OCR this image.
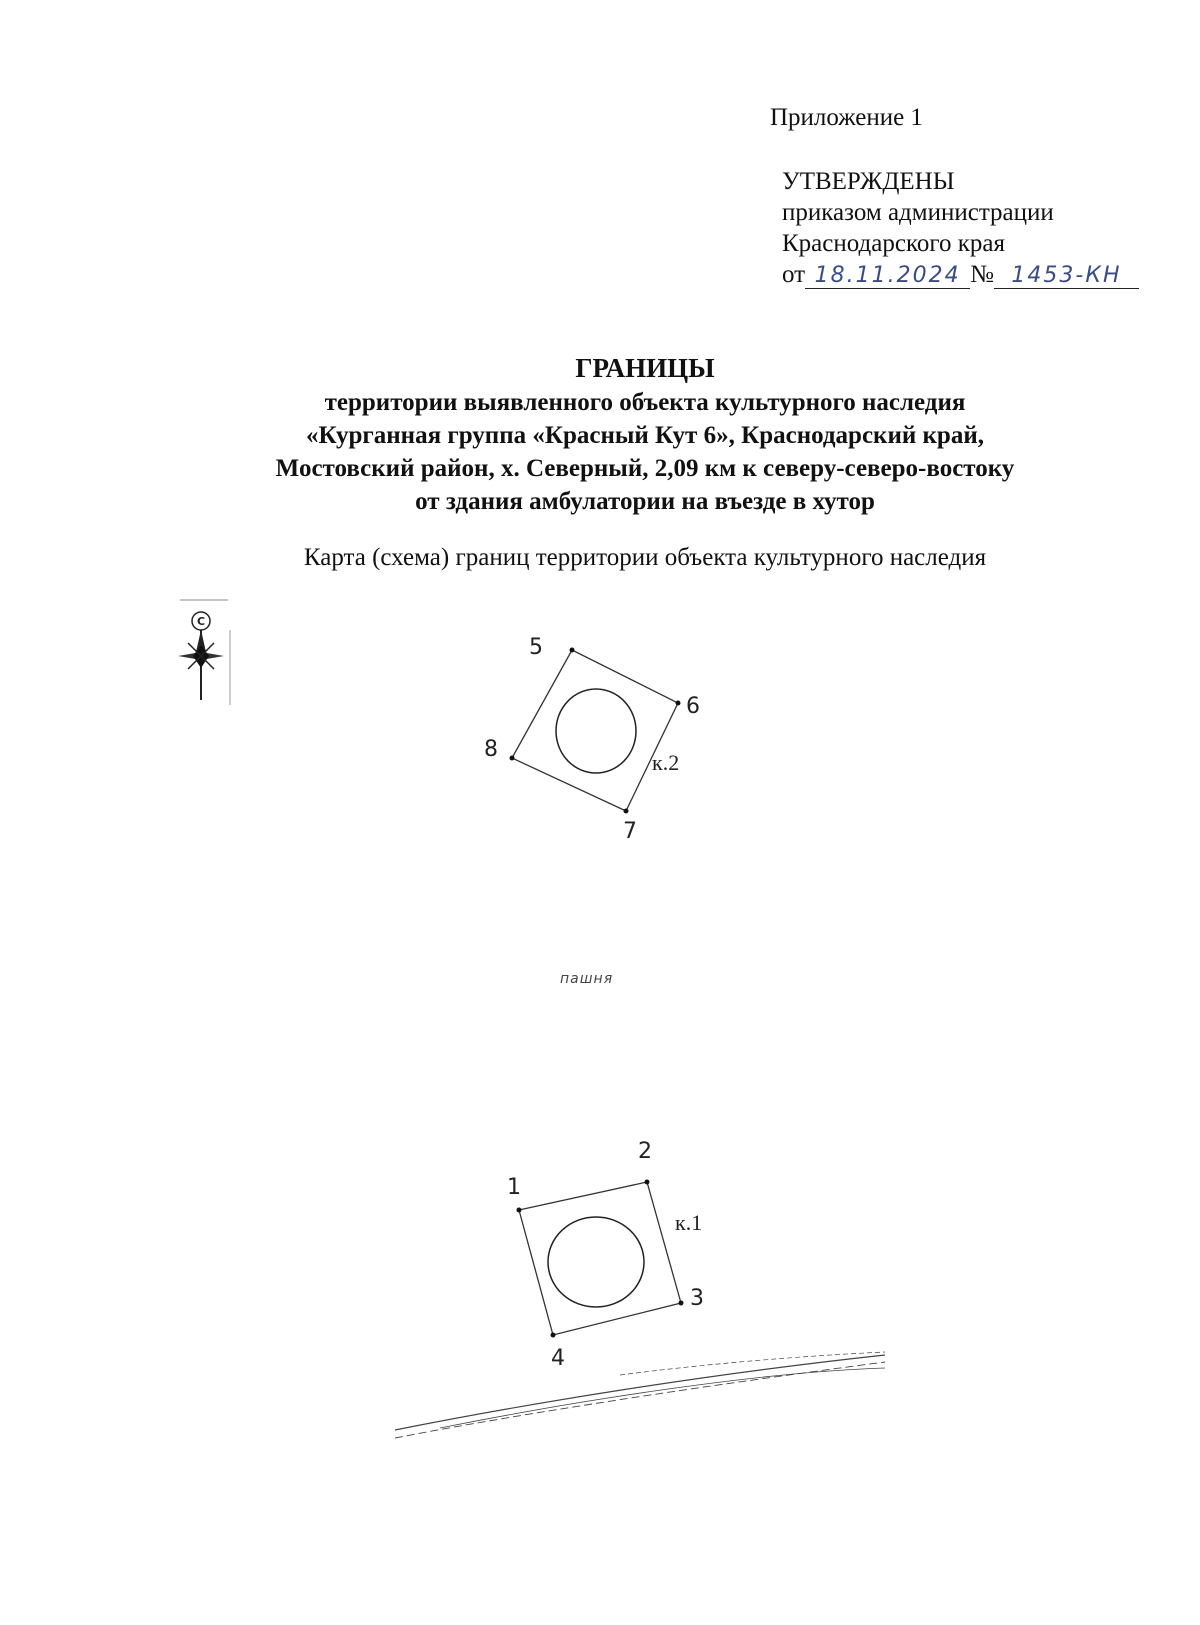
Приложение 1
УТВЕРЖДЕНЫ
приказом администрации
Краснодарского края
от 18.11.2024 № 1453-КН
ГРАНИЦЫ
территории выявленного объекта культурного наследия
«Курганная группа «Красный Кут 6», Краснодарский край,
Мостовский район, х. Северный, 2,09 км к северу-северо-востоку
от здания амбулатории на въезде в хутор
Карта (схема) границ территории объекта культурного наследия
С
5
6
7
8
к.2
пашня
1
2
3
4
к.1
